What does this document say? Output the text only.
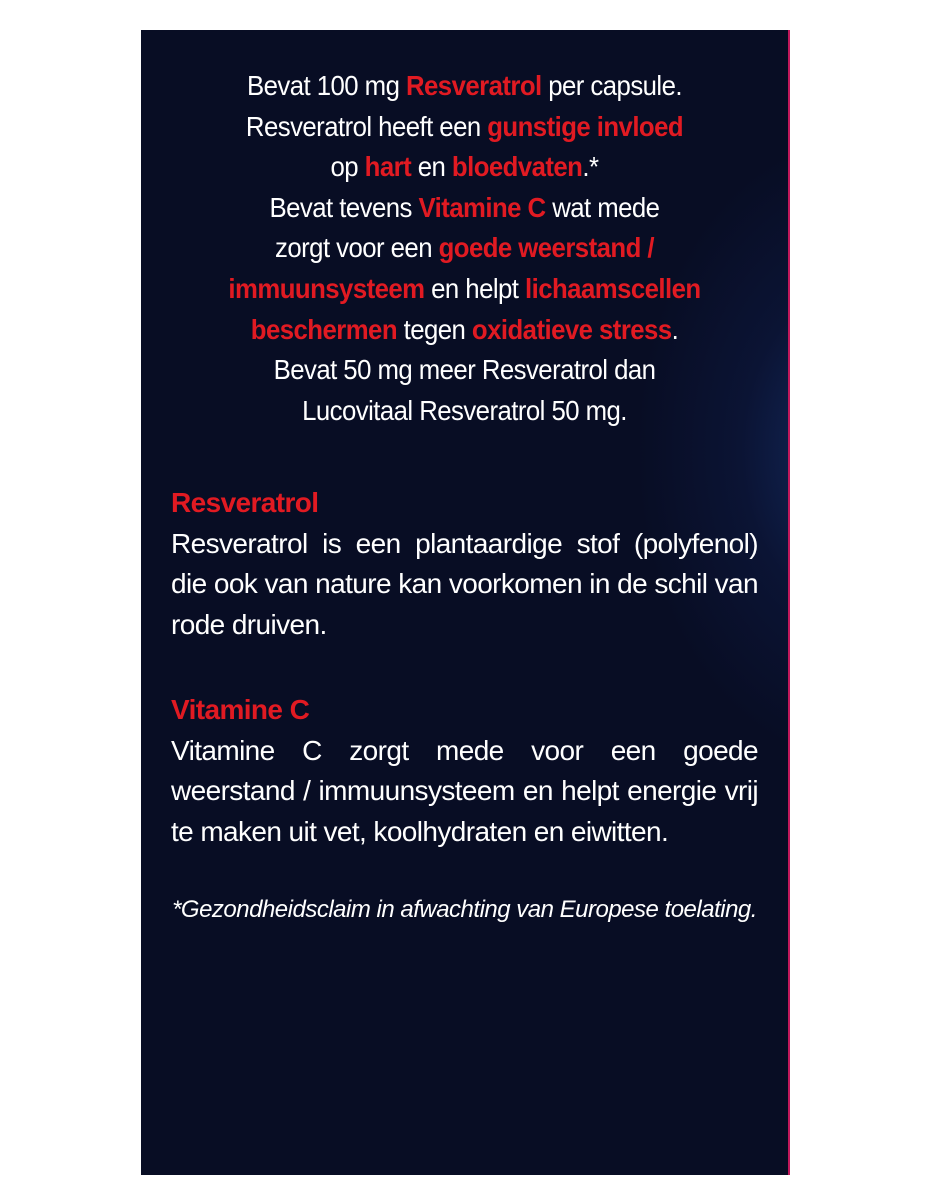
Bevat 100 mg Resveratrol per capsule.
Resveratrol heeft een gunstige invloed
op hart en bloedvaten.*
Bevat tevens Vitamine C wat mede
zorgt voor een goede weerstand /
immuunsysteem en helpt lichaamscellen
beschermen tegen oxidatieve stress.
Bevat 50 mg meer Resveratrol dan
Lucovitaal Resveratrol 50 mg.
Resveratrol
Resveratrol is een plantaardige stof (polyfenol) die ook van nature kan voorkomen in de schil van rode druiven.
Vitamine C
Vitamine C zorgt mede voor een goede weerstand / immuunsysteem en helpt energie vrij te maken uit vet, koolhydraten en eiwitten.
*Gezondheidsclaim in afwachting van Europese toelating.
